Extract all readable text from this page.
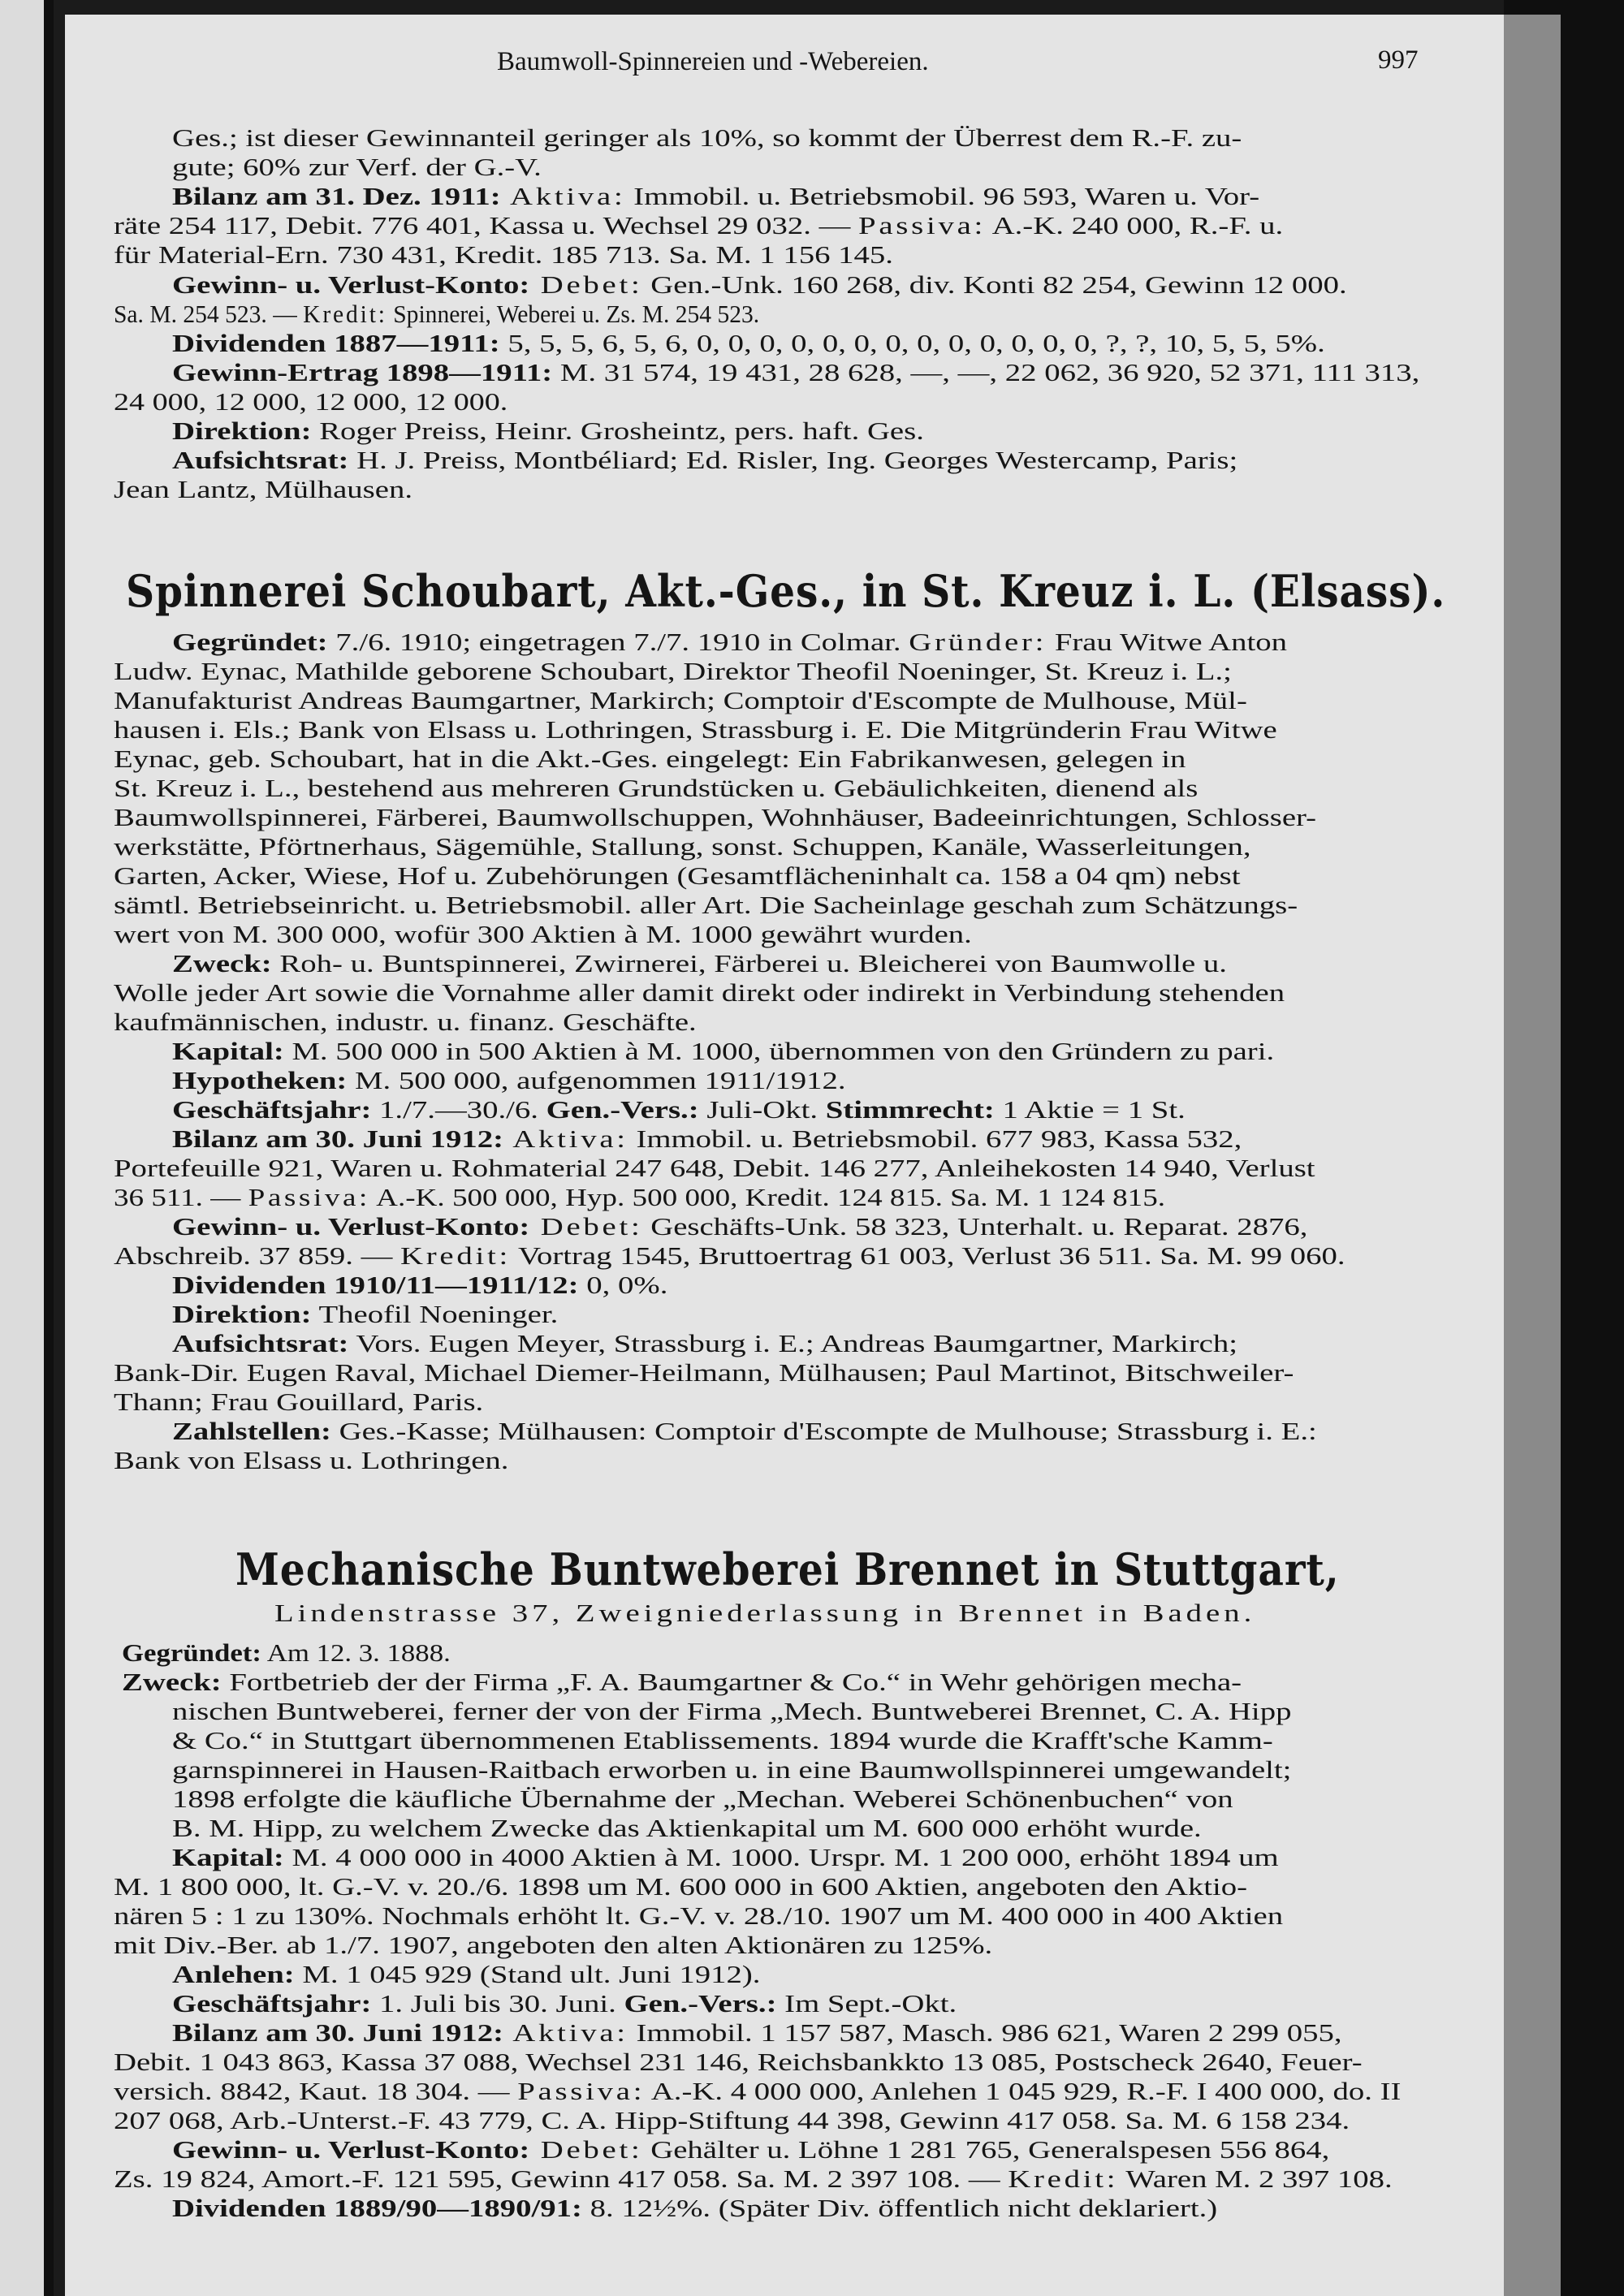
Baumwoll-Spinnereien und -Webereien.	997
Spinnerei Schoubart, Akt.-Ges., in St. Kreuz i. L. (Elsass).
Mechanische Buntweberei Brennet in Stuttgart,
Lindenstrasse 37, Zweigniederlassung in Brennet in Baden.
Ges.; ist dieser Gewinnanteil geringer als 10%, so kommt der Überrest dem R.-F. zu-
gute; 60% zur Verf. der G.-V.
Bilanz am 31. Dez. 1911: Aktiva: Immobil. u. Betriebsmobil. 96 593, Waren u. Vor-
räte 254 117, Debit. 776 401, Kassa u. Wechsel 29 032. — Passiva: A.-K. 240 000, R.-F. u.
für Material-Ern. 730 431, Kredit. 185 713. Sa. M. 1 156 145.
Gewinn- u. Verlust-Konto: Debet: Gen.-Unk. 160 268, div. Konti 82 254, Gewinn 12 000.
Sa. M. 254 523. — Kredit: Spinnerei, Weberei u. Zs. M. 254 523.
Dividenden 1887—1911: 5, 5, 5, 6, 5, 6, 0, 0, 0, 0, 0, 0, 0, 0, 0, 0, 0, 0, 0, ?, ?, 10, 5, 5, 5%.
Gewinn-Ertrag 1898—1911: M. 31 574, 19 431, 28 628, —, —, 22 062, 36 920, 52 371, 111 313,
24 000, 12 000, 12 000, 12 000.
Direktion: Roger Preiss, Heinr. Grosheintz, pers. haft. Ges.
Aufsichtsrat: H. J. Preiss, Montbéliard; Ed. Risler, Ing. Georges Westercamp, Paris;
Jean Lantz, Mülhausen.
Gegründet: 7./6. 1910; eingetragen 7./7. 1910 in Colmar. Gründer: Frau Witwe Anton
Ludw. Eynac, Mathilde geborene Schoubart, Direktor Theofil Noeninger, St. Kreuz i. L.;
Manufakturist Andreas Baumgartner, Markirch; Comptoir d'Escompte de Mulhouse, Mül-
hausen i. Els.; Bank von Elsass u. Lothringen, Strassburg i. E. Die Mitgründerin Frau Witwe
Eynac, geb. Schoubart, hat in die Akt.-Ges. eingelegt: Ein Fabrikanwesen, gelegen in
St. Kreuz i. L., bestehend aus mehreren Grundstücken u. Gebäulichkeiten, dienend als
Baumwollspinnerei, Färberei, Baumwollschuppen, Wohnhäuser, Badeeinrichtungen, Schlosser-
werkstätte, Pförtnerhaus, Sägemühle, Stallung, sonst. Schuppen, Kanäle, Wasserleitungen,
Garten, Acker, Wiese, Hof u. Zubehörungen (Gesamtflächeninhalt ca. 158 a 04 qm) nebst
sämtl. Betriebseinricht. u. Betriebsmobil. aller Art. Die Sacheinlage geschah zum Schätzungs-
wert von M. 300 000, wofür 300 Aktien à M. 1000 gewährt wurden.
Zweck: Roh- u. Buntspinnerei, Zwirnerei, Färberei u. Bleicherei von Baumwolle u.
Wolle jeder Art sowie die Vornahme aller damit direkt oder indirekt in Verbindung stehenden
kaufmännischen, industr. u. finanz. Geschäfte.
Kapital: M. 500 000 in 500 Aktien à M. 1000, übernommen von den Gründern zu pari.
Hypotheken: M. 500 000, aufgenommen 1911/1912.
Geschäftsjahr: 1./7.—30./6. Gen.-Vers.: Juli-Okt. Stimmrecht: 1 Aktie = 1 St.
Bilanz am 30. Juni 1912: Aktiva: Immobil. u. Betriebsmobil. 677 983, Kassa 532,
Portefeuille 921, Waren u. Rohmaterial 247 648, Debit. 146 277, Anleihekosten 14 940, Verlust
36 511. — Passiva: A.-K. 500 000, Hyp. 500 000, Kredit. 124 815. Sa. M. 1 124 815.
Gewinn- u. Verlust-Konto: Debet: Geschäfts-Unk. 58 323, Unterhalt. u. Reparat. 2876,
Abschreib. 37 859. — Kredit: Vortrag 1545, Bruttoertrag 61 003, Verlust 36 511. Sa. M. 99 060.
Dividenden 1910/11—1911/12: 0, 0%.
Direktion: Theofil Noeninger.
Aufsichtsrat: Vors. Eugen Meyer, Strassburg i. E.; Andreas Baumgartner, Markirch;
Bank-Dir. Eugen Raval, Michael Diemer-Heilmann, Mülhausen; Paul Martinot, Bitschweiler-
Thann; Frau Gouillard, Paris.
Zahlstellen: Ges.-Kasse; Mülhausen: Comptoir d'Escompte de Mulhouse; Strassburg i. E.:
Bank von Elsass u. Lothringen.
Gegründet: Am 12. 3. 1888.
Zweck: Fortbetrieb der der Firma „F. A. Baumgartner & Co.“ in Wehr gehörigen mecha-
nischen Buntweberei, ferner der von der Firma „Mech. Buntweberei Brennet, C. A. Hipp
& Co.“ in Stuttgart übernommenen Etablissements. 1894 wurde die Krafft'sche Kamm-
garnspinnerei in Hausen-Raitbach erworben u. in eine Baumwollspinnerei umgewandelt;
1898 erfolgte die käufliche Übernahme der „Mechan. Weberei Schönenbuchen“ von
B. M. Hipp, zu welchem Zwecke das Aktienkapital um M. 600 000 erhöht wurde.
Kapital: M. 4 000 000 in 4000 Aktien à M. 1000. Urspr. M. 1 200 000, erhöht 1894 um
M. 1 800 000, lt. G.-V. v. 20./6. 1898 um M. 600 000 in 600 Aktien, angeboten den Aktio-
nären 5 : 1 zu 130%. Nochmals erhöht lt. G.-V. v. 28./10. 1907 um M. 400 000 in 400 Aktien
mit Div.-Ber. ab 1./7. 1907, angeboten den alten Aktionären zu 125%.
Anlehen: M. 1 045 929 (Stand ult. Juni 1912).
Geschäftsjahr: 1. Juli bis 30. Juni. Gen.-Vers.: Im Sept.-Okt.
Bilanz am 30. Juni 1912: Aktiva: Immobil. 1 157 587, Masch. 986 621, Waren 2 299 055,
Debit. 1 043 863, Kassa 37 088, Wechsel 231 146, Reichsbankkto 13 085, Postscheck 2640, Feuer-
versich. 8842, Kaut. 18 304. — Passiva: A.-K. 4 000 000, Anlehen 1 045 929, R.-F. I 400 000, do. II
207 068, Arb.-Unterst.-F. 43 779, C. A. Hipp-Stiftung 44 398, Gewinn 417 058. Sa. M. 6 158 234.
Gewinn- u. Verlust-Konto: Debet: Gehälter u. Löhne 1 281 765, Generalspesen 556 864,
Zs. 19 824, Amort.-F. 121 595, Gewinn 417 058. Sa. M. 2 397 108. — Kredit: Waren M. 2 397 108.
Dividenden 1889/90—1890/91: 8. 12½%. (Später Div. öffentlich nicht deklariert.)
